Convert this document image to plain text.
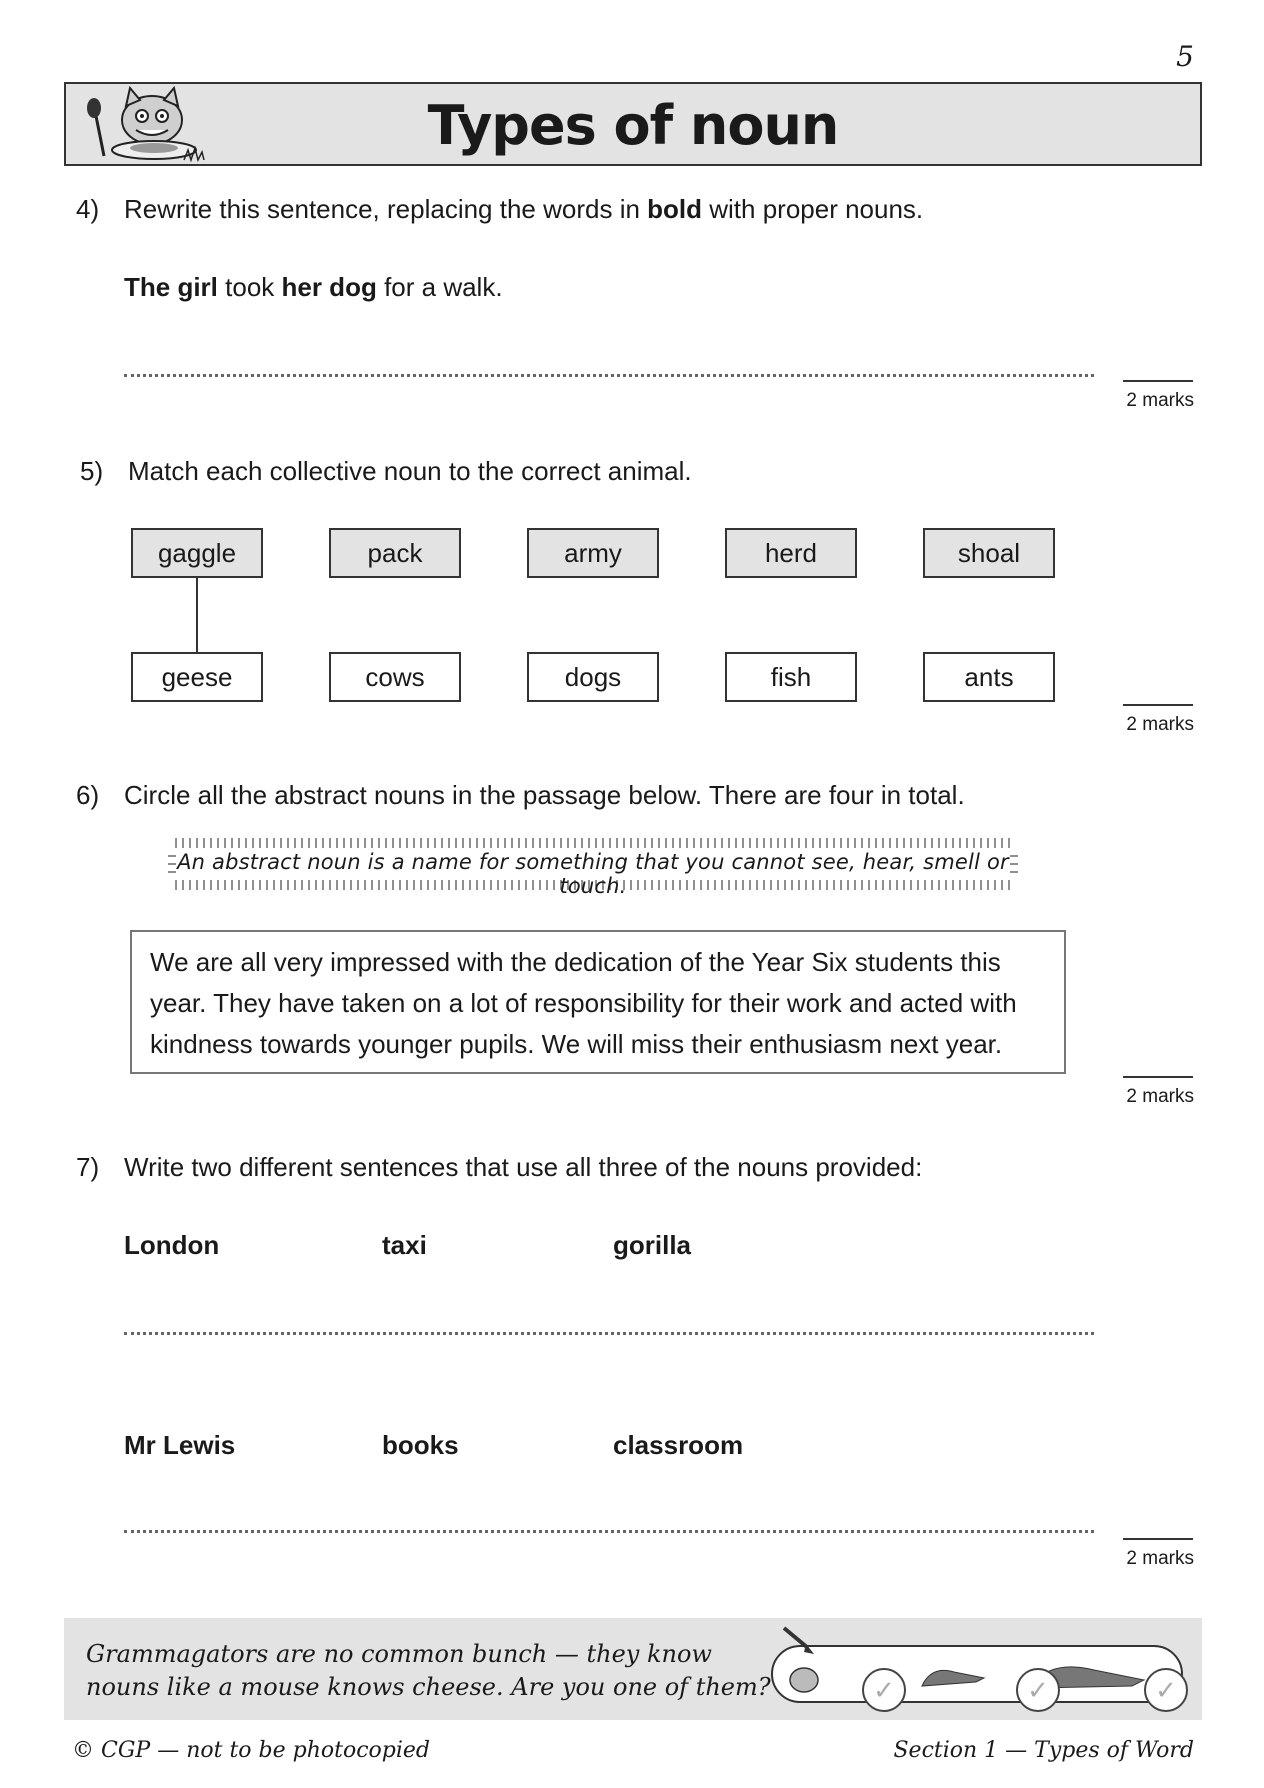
5
Types of noun
4) Rewrite this sentence, replacing the words in bold with proper nouns.
The girl took her dog for a walk.
2 marks
5) Match each collective noun to the correct animal.
gaggle	pack	army	herd	shoal
geese	cows	dogs	fish	ants
2 marks
6) Circle all the abstract nouns in the passage below. There are four in total.
An abstract noun is a name for something that you cannot see, hear, smell or touch.
We are all very impressed with the dedication of the Year Six students this
year. They have taken on a lot of responsibility for their work and acted with
kindness towards younger pupils. We will miss their enthusiasm next year.
2 marks
7) Write two different sentences that use all three of the nouns provided:
London	taxi	gorilla
Mr Lewis	books	classroom
2 marks
Grammagators are no common bunch — they know
nouns like a mouse knows cheese. Are you one of them?	✓	✓	✓
© CGP — not to be photocopied	Section 1 — Types of Word
